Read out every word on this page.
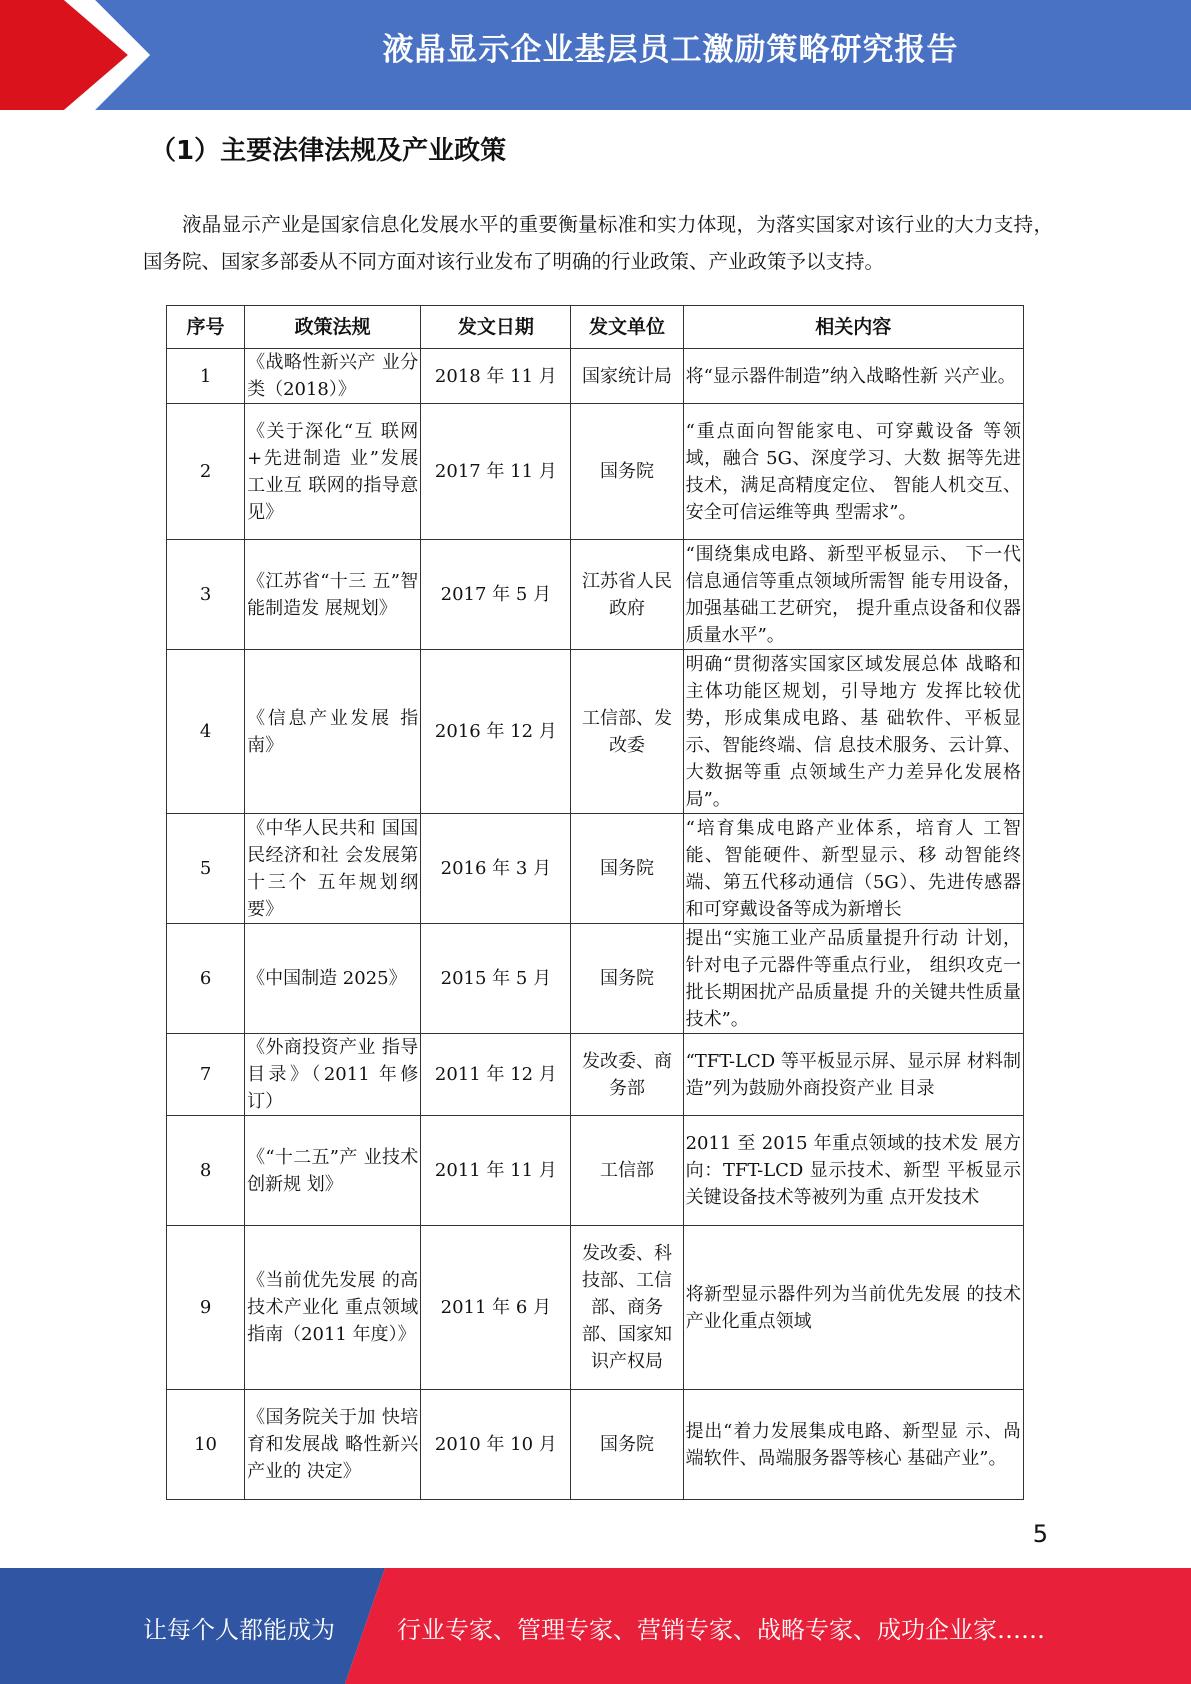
液晶显示企业基层员工激励策略研究报告
（1）主要法律法规及产业政策
液晶显示产业是国家信息化发展水平的重要衡量标准和实力体现，为落实国家对该行业的大力支持，国务院、国家多部委从不同方面对该行业发布了明确的行业政策、产业政策予以支持。
序号	政策法规	发文日期	发文单位	相关内容
1	《战略性新兴产 业分类（2018）》	2018 年 11 月	国家统计局	将“显示器件制造”纳入战略性新 兴产业。
2	《关于深化“互 联网+先进制造 业”发展工业互 联网的指导意 见》	2017 年 11 月	国务院	“重点面向智能家电、可穿戴设备 等领域，融合 5G、深度学习、大数 据等先进技术，满足高精度定位、 智能人机交互、安全可信运维等典 型需求”。
3	《江苏省“十三 五”智能制造发 展规划》	2017 年 5 月	江苏省人民政府	“围绕集成电路、新型平板显示、 下一代信息通信等重点领域所需智 能专用设备，加强基础工艺研究， 提升重点设备和仪器质量水平”。
4	《信息产业发展 指南》	2016 年 12 月	工信部、发改委	明确“贯彻落实国家区域发展总体 战略和主体功能区规划，引导地方 发挥比较优势，形成集成电路、基 础软件、平板显示、智能终端、信 息技术服务、云计算、大数据等重 点领域生产力差异化发展格局”。
5	《中华人民共和 国国民经济和社 会发展第十三个 五年规划纲要》	2016 年 3 月	国务院	“培育集成电路产业体系，培育人 工智能、智能硬件、新型显示、移 动智能终端、第五代移动通信（5G）、先进传感器和可穿戴设备等成为新增长
6	《中国制造 2025》	2015 年 5 月	国务院	提出“实施工业产品质量提升行动 计划，针对电子元器件等重点行业， 组织攻克一批长期困扰产品质量提 升的关键共性质量技术”。
7	《外商投资产业 指导目录》（2011 年修订）	2011 年 12 月	发改委、商务部	“TFT-LCD 等平板显示屏、显示屏 材料制造”列为鼓励外商投资产业 目录
8	《“十二五”产 业技术创新规 划》	2011 年 11 月	工信部	2011 至 2015 年重点领域的技术发 展方向：TFT-LCD 显示技术、新型 平板显示关键设备技术等被列为重 点开发技术
9	《当前优先发展 的高技术产业化 重点领域指南（2011 年度）》	2011 年 6 月	发改委、科技部、工信部、商务部、国家知识产权局	将新型显示器件列为当前优先发展 的技术产业化重点领域
10	《国务院关于加 快培育和发展战 略性新兴产业的 决定》	2010 年 10 月	国务院	提出“着力发展集成电路、新型显 示、咼端软件、咼端服务器等核心 基础产业”。
5
让每个人都能成为	行业专家、管理专家、营销专家、战略专家、成功企业家……
